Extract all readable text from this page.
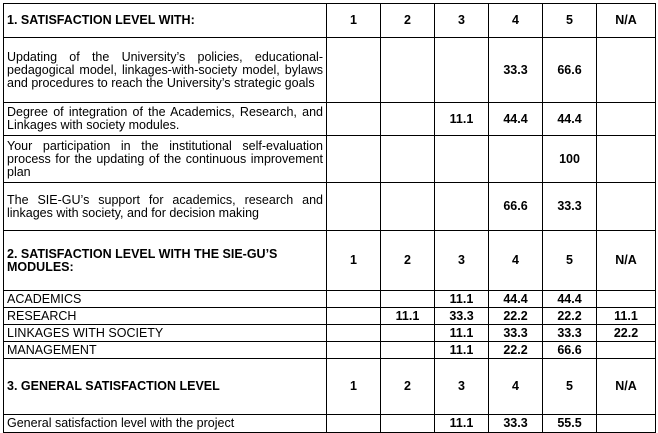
1. SATISFACTION LEVEL WITH:	1	2	3	4	5	N/A
Updating of the University’s policies, educational-pedagogical model, linkages-with-society model, bylaws and procedures to reach the University’s strategic goals				33.3	66.6	
Degree of integration of the Academics, Research, and Linkages with society modules.			11.1	44.4	44.4	
Your participation in the institutional self-evaluation process for the updating of the continuous improvement plan					100	
The SIE-GU’s support for academics, research and linkages with society, and for decision making				66.6	33.3	
2. SATISFACTION LEVEL WITH THE SIE-GU’S MODULES:	1	2	3	4	5	N/A
ACADEMICS			11.1	44.4	44.4	
RESEARCH		11.1	33.3	22.2	22.2	11.1
LINKAGES WITH SOCIETY			11.1	33.3	33.3	22.2
MANAGEMENT			11.1	22.2	66.6	
3. GENERAL SATISFACTION LEVEL	1	2	3	4	5	N/A
General satisfaction level with the project			11.1	33.3	55.5	
